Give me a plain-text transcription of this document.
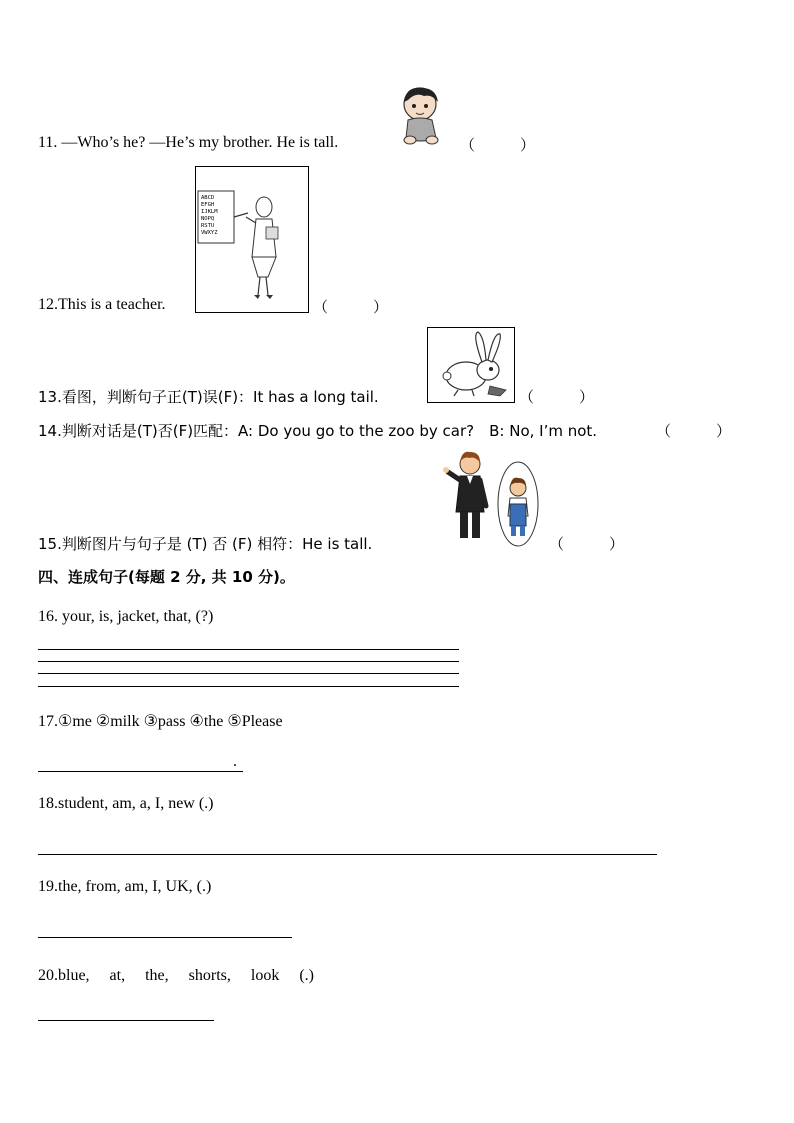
11. —Who’s he? —He’s my brother. He is tall.	（　　　）
12.This is a teacher.
ABCD
EFGH
IJKLM
NOPQ
RSTU
VWXYZ
（　　　）
13.看图，判断句子正(T)误(F)：It has a long tail.	（　　　）
14.判断对话是(T)否(F)匹配：A: Do you go to the zoo by car?　B: No, I’m not.	（　　　）
15.判断图片与句子是 (T) 否 (F) 相符：He is tall.	（　　　）
四、连成句子(每题 2 分, 共 10 分)。
16. your, is, jacket, that, (?)
17.①me ②milk ③pass ④the ⑤Please
.
18.student, am, a, I, new (.)
19.the, from, am, I, UK, (.)
20.blue,　 at,　 the,　 shorts,　 look　 (.)
